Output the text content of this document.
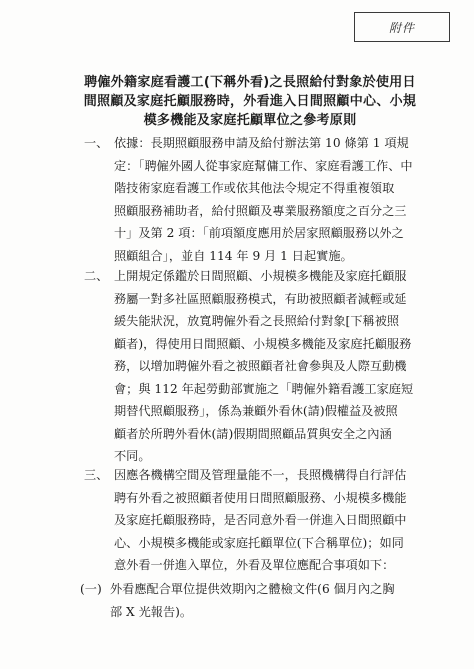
附件
聘僱外籍家庭看護工(下稱外看)之長照給付對象於使用日
間照顧及家庭托顧服務時，外看進入日間照顧中心、小規
模多機能及家庭托顧單位之參考原則
一、 依據：長期照顧服務申請及給付辦法第 10 條第 1 項規
定：「聘僱外國人從事家庭幫傭工作、家庭看護工作、中
階技術家庭看護工作或依其他法令規定不得重複領取
照顧服務補助者，給付照顧及專業服務額度之百分之三
十」及第 2 項：「前項額度應用於居家照顧服務以外之
照顧組合」，並自 114 年 9 月 1 日起實施。
二、 上開規定係鑑於日間照顧、小規模多機能及家庭托顧服
務屬一對多社區照顧服務模式，有助被照顧者減輕或延
緩失能狀況，放寬聘僱外看之長照給付對象[下稱被照
顧者)，得使用日間照顧、小規模多機能及家庭托顧服務
務，以增加聘僱外看之被照顧者社會參與及人際互動機
會；與 112 年起勞動部實施之「聘僱外籍看護工家庭短
期替代照顧服務」，係為兼顧外看休(請)假權益及被照
顧者於所聘外看休(請)假期間照顧品質與安全之內涵
不同。
三、 因應各機構空間及管理量能不一，長照機構得自行評估
聘有外看之被照顧者使用日間照顧服務、小規模多機能
及家庭托顧服務時，是否同意外看一併進入日間照顧中
心、小規模多機能或家庭托顧單位(下合稱單位)；如同
意外看一併進入單位，外看及單位應配合事項如下：
(一) 外看應配合單位提供效期內之體檢文件(6 個月內之胸
部 X 光報告)。
